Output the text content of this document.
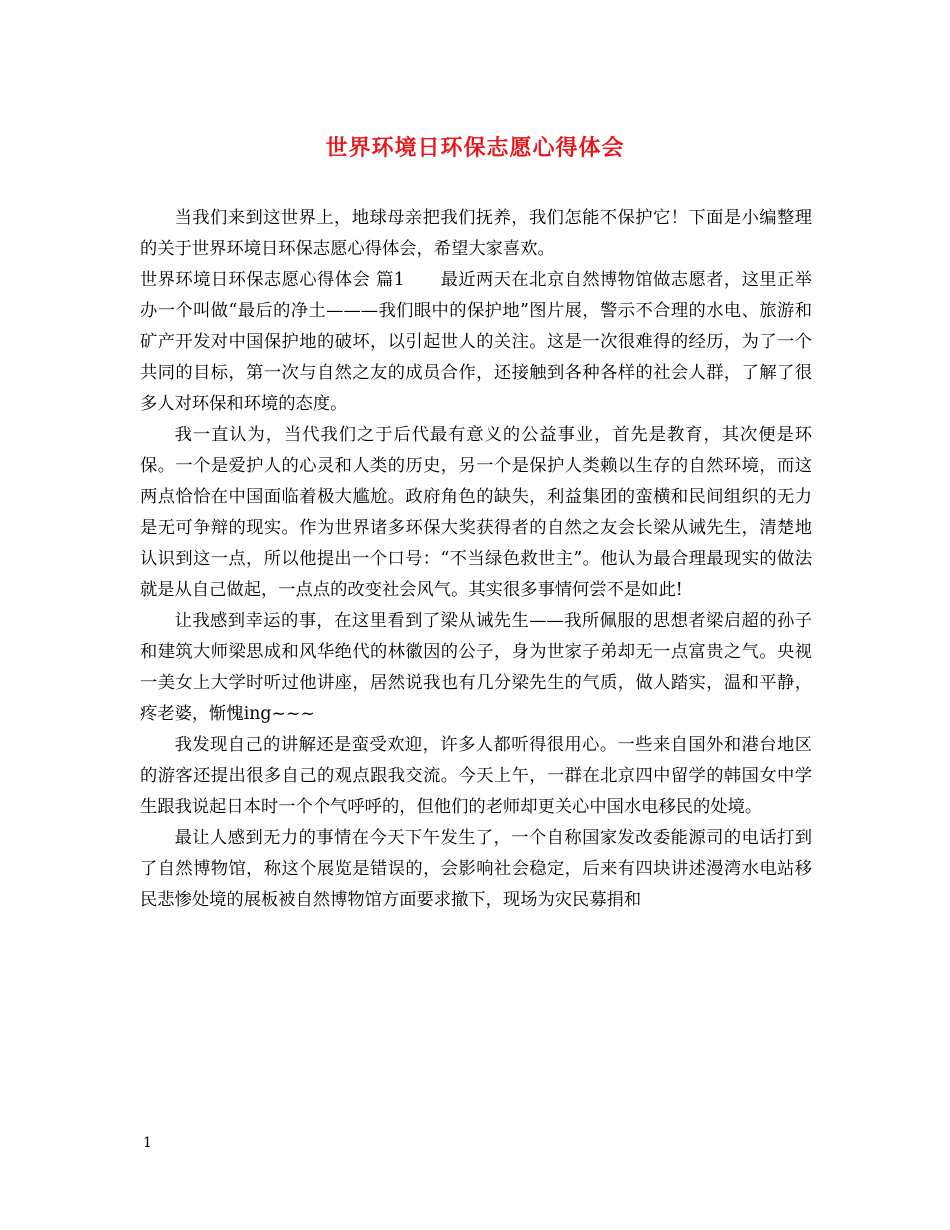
世界环境日环保志愿心得体会

当我们来到这世界上，地球母亲把我们抚养，我们怎能不保护它！下面是小编整理的关于世界环境日环保志愿心得体会，希望大家喜欢。

世界环境日环保志愿心得体会 篇1　　最近两天在北京自然博物馆做志愿者，这里正举办一个叫做“最后的净土———我们眼中的保护地”图片展，警示不合理的水电、旅游和矿产开发对中国保护地的破坏，以引起世人的关注。这是一次很难得的经历，为了一个共同的目标，第一次与自然之友的成员合作，还接触到各种各样的社会人群，了解了很多人对环保和环境的态度。

我一直认为，当代我们之于后代最有意义的公益事业，首先是教育，其次便是环保。一个是爱护人的心灵和人类的历史，另一个是保护人类赖以生存的自然环境，而这两点恰恰在中国面临着极大尴尬。政府角色的缺失，利益集团的蛮横和民间组织的无力是无可争辩的现实。作为世界诸多环保大奖获得者的自然之友会长梁从诫先生，清楚地认识到这一点，所以他提出一个口号：“不当绿色救世主”。他认为最合理最现实的做法就是从自己做起，一点点的改变社会风气。其实很多事情何尝不是如此!

让我感到幸运的事，在这里看到了梁从诫先生——我所佩服的思想者梁启超的孙子和建筑大师梁思成和风华绝代的林徽因的公子，身为世家子弟却无一点富贵之气。央视一美女上大学时听过他讲座，居然说我也有几分梁先生的气质，做人踏实，温和平静，疼老婆，惭愧ing~~~

我发现自己的讲解还是蛮受欢迎，许多人都听得很用心。一些来自国外和港台地区的游客还提出很多自己的观点跟我交流。今天上午，一群在北京四中留学的韩国女中学生跟我说起日本时一个个气呼呼的，但他们的老师却更关心中国水电移民的处境。

最让人感到无力的事情在今天下午发生了，一个自称国家发改委能源司的电话打到了自然博物馆，称这个展览是错误的，会影响社会稳定，后来有四块讲述漫湾水电站移民悲惨处境的展板被自然博物馆方面要求撤下，现场为灾民募捐和

1
